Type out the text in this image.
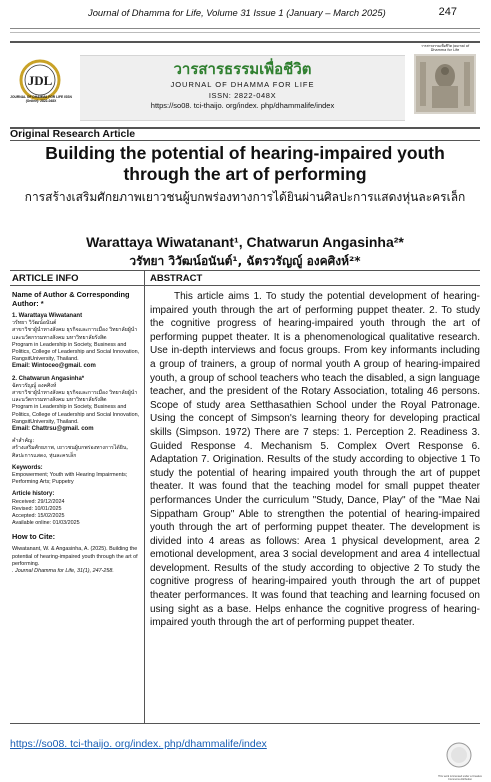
Journal of Dhamma for Life, Volume 31 Issue 1 (January – March 2025)	247
JDL
JOURNAL OF DHAMMA FOR LIFE ISSN (Online): 2822-048X
วารสารธรรมเพื่อชีวิต
JOURNAL OF DHAMMA FOR LIFE
ISSN: 2822-048X
https://so08. tci-thaijo. org/index. php/dhammalife/index
วารสารธรรมเพื่อชีวิต Journal of Dhamma for Life
Original Research Article
Building the potential of hearing-impaired youth through the art of performing
การสร้างเสริมศักยภาพเยาวชนผู้บกพร่องทางการได้ยินผ่านศิลปะการแสดงหุ่นละครเล็ก
Warattaya Wiwatanant¹, Chatwarun Angasinha²*
วรัทยา วิวัฒน์อนันต์¹, ฉัตรวรัญญู์ องคศิงห์²*
ARTICLE INFO	ABSTRACT

Name of Author & Corresponding Author: *

1. Warattaya Wiwatanant

วรัทยา วิวัฒน์อนันต์

สาขาวิชาผู้นำทางสังคม ธุรกิจและการเมือง วิทยาลัยผู้นำและนวัตกรรมทางสังคม มหาวิทยาลัยรังสิต

Program in Leadership in Society, Business and Politics, College of Leadership and Social Innovation, RangsitUniversity, Thailand.

Email: Wintoceo@gmail. com

2. Chatwarun Angasinha*

ฉัตรวรัญญู์ องคศิงห์

สาขาวิชาผู้นำทางสังคม ธุรกิจและการเมือง วิทยาลัยผู้นำและนวัตกรรมทางสังคม มหาวิทยาลัยรังสิต

Program in Leadership in Society, Business and Politics, College of Leadership and Social Innovation, RangsitUniversity, Thailand.

Email: Chattrsu@gmail. com

คำสำคัญ:

สร้างเสริมศักยภาพ, เยาวชนผู้บกพร่องทางการได้ยิน, ศิลปะการแสดง, หุ่นละครเล็ก

Keywords:

Empowerment; Youth with Hearing Impairments; Performing Arts; Puppetry

Article history:

Received: 29/12/2024

Revised: 10/01/2025

Accepted: 15/02/2025

Available online: 01/03/2025

How to Cite:

Wiwatanant, W. & Angasinha, A. (2025). Building the potential of hearing-impaired youth through the art of performing.

. Journal Dhamma for Life, 31(1), 247-258.

This article aims 1. To study the potential development of hearing-impaired youth through the art of performing puppet theater. 2. To study the cognitive progress of hearing-impaired youth through the art of performing puppet theater. It is a phenomenological qualitative research. Use in-depth interviews and focus groups. From key informants including a group of trainers, a group of normal youth A group of hearing-impaired youth, a group of school teachers who teach the disabled, a sign language teacher, and the president of the Rotary Association, totaling 46 persons. Scope of study area Setthasathien School under the Royal Patronage. Using the concept of Simpson's learning theory for developing practical skills (Simpson. 1972) There are 7 steps: 1. Perception 2. Readiness 3. Guided Response 4. Mechanism 5. Complex Overt Response 6. Adaptation 7. Origination. Results of the study according to objective 1 To study the potential of hearing impaired youth through the art of puppet theater. It was found that the teaching model for small puppet theater performances Under the curriculum "Study, Dance, Play" of the "Mae Nai Sippatham Group" Able to strengthen the potential of hearing-impaired youth through the art of performing puppet theater. The development is divided into 4 areas as follows: Area 1 physical development, area 2 emotional development, area 3 social development and area 4 intellectual development. Results of the study according to objective 2 To study the cognitive progress of hearing-impaired youth through the art of puppet theater performances. It was found that teaching and learning focused on using sight as a base. Helps enhance the cognitive progress of hearing-impaired youth through the art of performing puppet theater.
https://so08. tci-thaijo. org/index. php/dhammalife/index
This work is licensed under a Creative Commons Attribution
